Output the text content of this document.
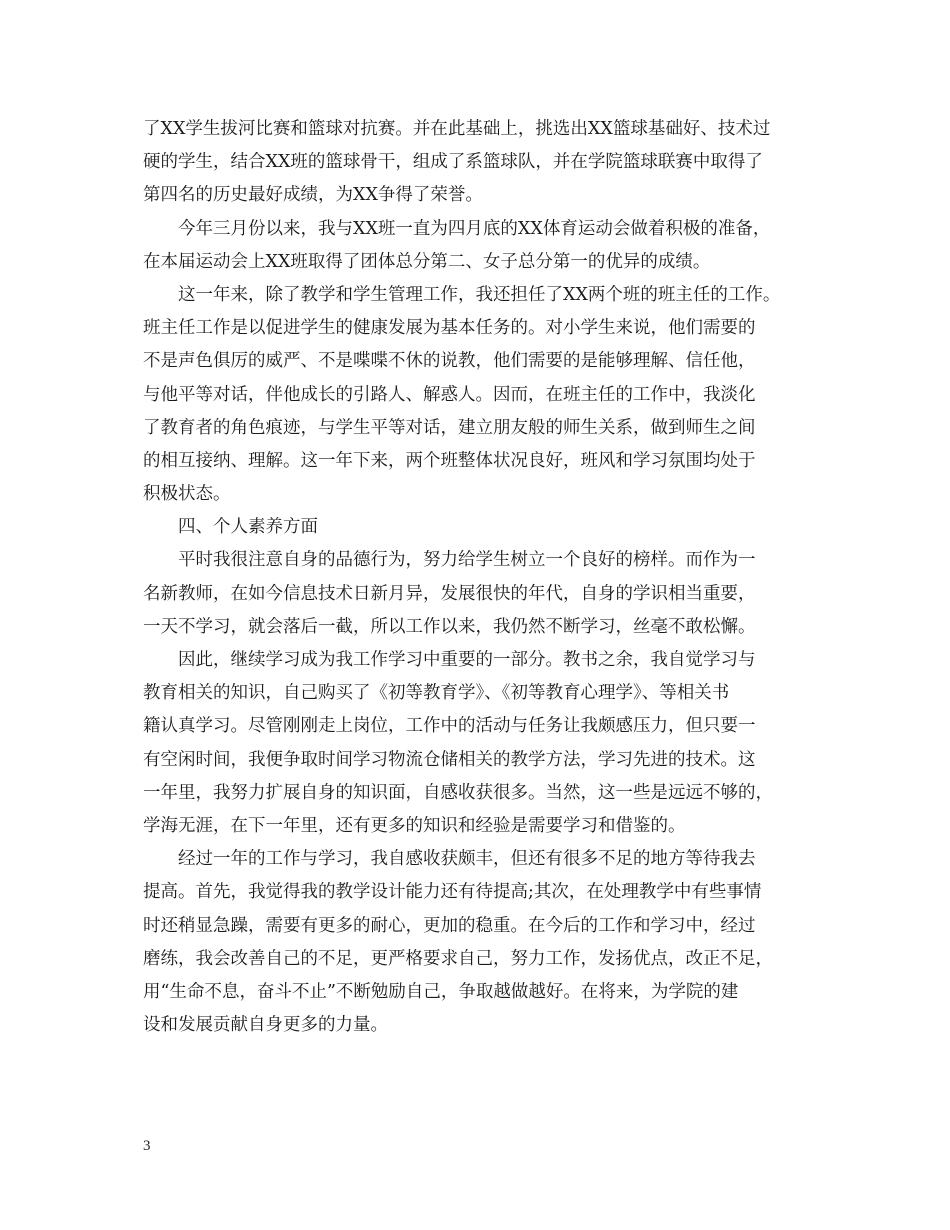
了XX学生拔河比赛和篮球对抗赛。并在此基础上，挑选出XX篮球基础好、技术过
硬的学生，结合XX班的篮球骨干，组成了系篮球队，并在学院篮球联赛中取得了
第四名的历史最好成绩，为XX争得了荣誉。
　　今年三月份以来，我与XX班一直为四月底的XX体育运动会做着积极的准备，
在本届运动会上XX班取得了团体总分第二、女子总分第一的优异的成绩。
　　这一年来，除了教学和学生管理工作，我还担任了XX两个班的班主任的工作。
班主任工作是以促进学生的健康发展为基本任务的。对小学生来说，他们需要的
不是声色俱厉的威严、不是喋喋不休的说教，他们需要的是能够理解、信任他，
与他平等对话，伴他成长的引路人、解惑人。因而，在班主任的工作中，我淡化
了教育者的角色痕迹，与学生平等对话，建立朋友般的师生关系，做到师生之间
的相互接纳、理解。这一年下来，两个班整体状况良好，班风和学习氛围均处于
积极状态。
　　四、个人素养方面
　　平时我很注意自身的品德行为，努力给学生树立一个良好的榜样。而作为一
名新教师，在如今信息技术日新月异，发展很快的年代，自身的学识相当重要，
一天不学习，就会落后一截，所以工作以来，我仍然不断学习，丝毫不敢松懈。
　　因此，继续学习成为我工作学习中重要的一部分。教书之余，我自觉学习与
教育相关的知识，自己购买了《初等教育学》、《初等教育心理学》、等相关书
籍认真学习。尽管刚刚走上岗位，工作中的活动与任务让我颇感压力，但只要一
有空闲时间，我便争取时间学习物流仓储相关的教学方法，学习先进的技术。这
一年里，我努力扩展自身的知识面，自感收获很多。当然，这一些是远远不够的，
学海无涯，在下一年里，还有更多的知识和经验是需要学习和借鉴的。
　　经过一年的工作与学习，我自感收获颇丰，但还有很多不足的地方等待我去
提高。首先，我觉得我的教学设计能力还有待提高;其次，在处理教学中有些事情
时还稍显急躁，需要有更多的耐心，更加的稳重。在今后的工作和学习中，经过
磨练，我会改善自己的不足，更严格要求自己，努力工作，发扬优点，改正不足，
用“生命不息，奋斗不止”不断勉励自己，争取越做越好。在将来，为学院的建
设和发展贡献自身更多的力量。
3
